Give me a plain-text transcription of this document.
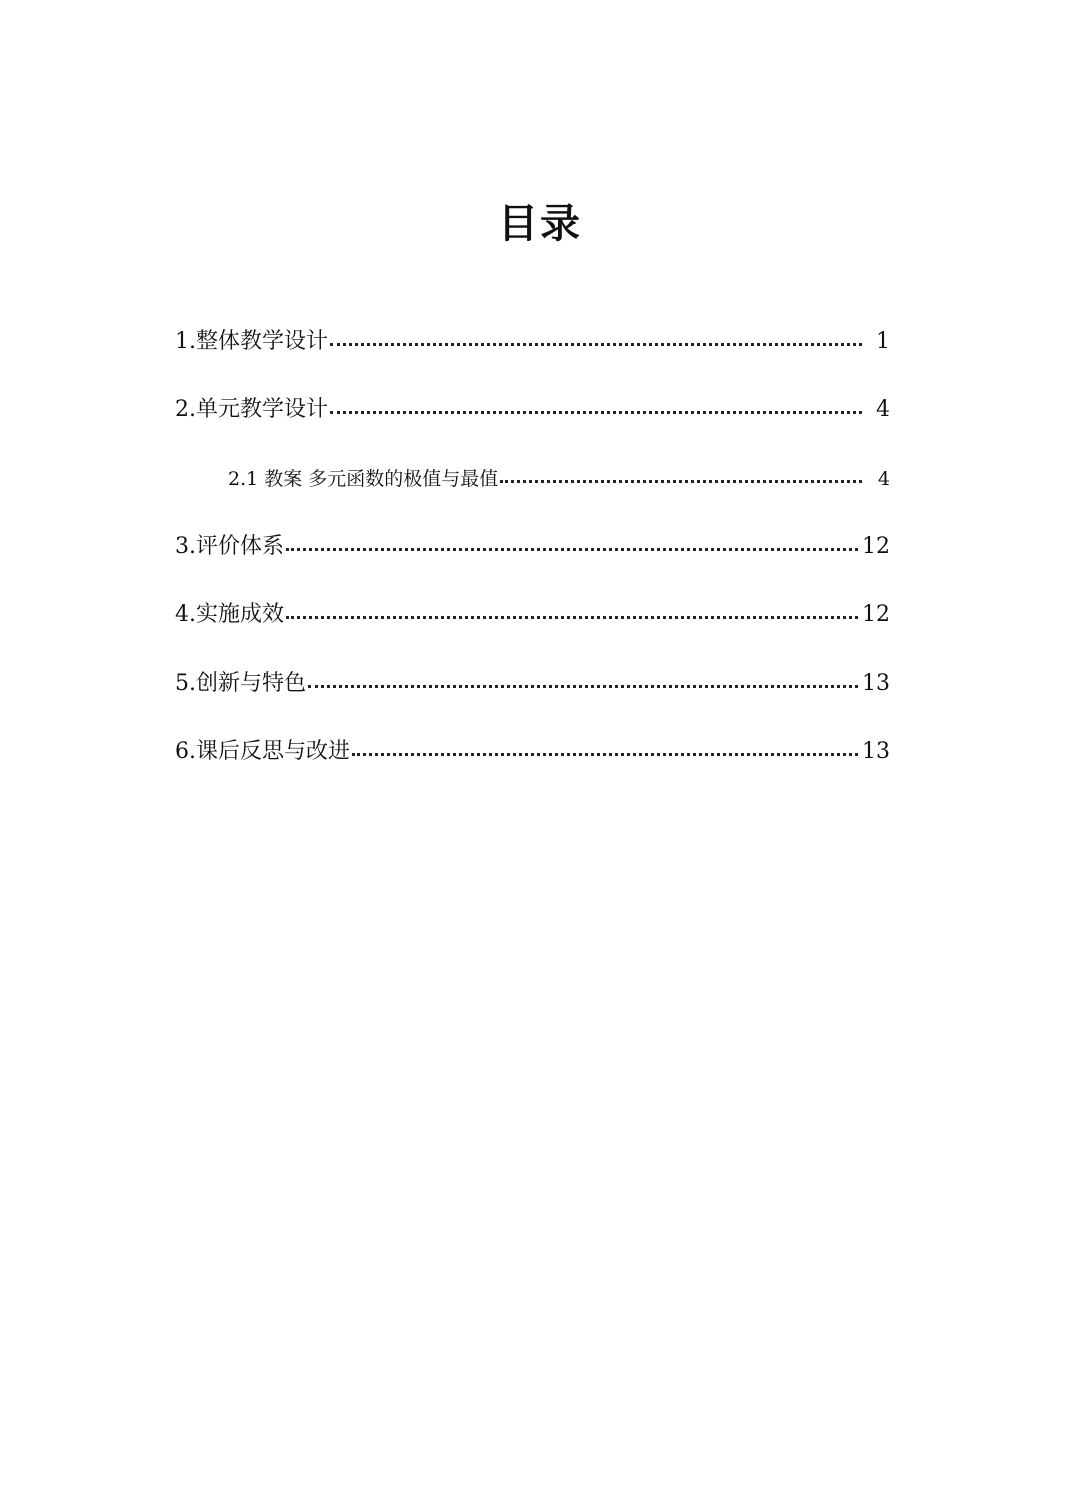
目录
1.整体教学设计	1
2.单元教学设计	4
2.1 教案 多元函数的极值与最值	4
3.评价体系	12
4.实施成效	12
5.创新与特色	13
6.课后反思与改进	13
